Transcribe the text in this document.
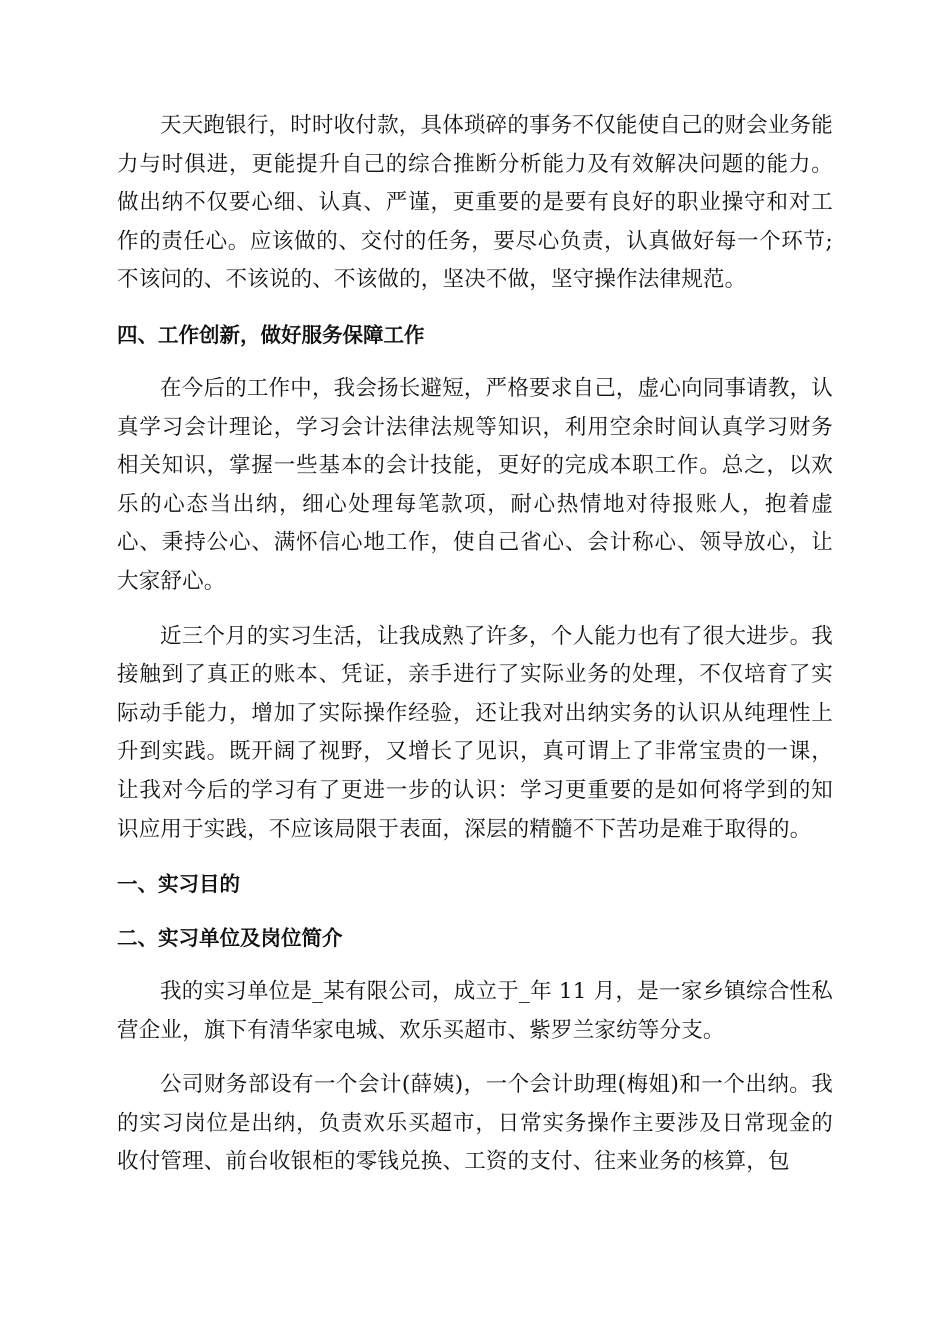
天天跑银行，时时收付款，具体琐碎的事务不仅能使自己的财会业务能力与时俱进，更能提升自己的综合推断分析能力及有效解决问题的能力。做出纳不仅要心细、认真、严谨，更重要的是要有良好的职业操守和对工作的责任心。应该做的、交付的任务，要尽心负责，认真做好每一个环节;不该问的、不该说的、不该做的，坚决不做，坚守操作法律规范。

四、工作创新，做好服务保障工作

在今后的工作中，我会扬长避短，严格要求自己，虚心向同事请教，认真学习会计理论，学习会计法律法规等知识，利用空余时间认真学习财务相关知识，掌握一些基本的会计技能，更好的完成本职工作。总之，以欢乐的心态当出纳，细心处理每笔款项，耐心热情地对待报账人，抱着虚心、秉持公心、满怀信心地工作，使自己省心、会计称心、领导放心，让大家舒心。

近三个月的实习生活，让我成熟了许多，个人能力也有了很大进步。我接触到了真正的账本、凭证，亲手进行了实际业务的处理，不仅培育了实际动手能力，增加了实际操作经验，还让我对出纳实务的认识从纯理性上升到实践。既开阔了视野，又增长了见识，真可谓上了非常宝贵的一课，让我对今后的学习有了更进一步的认识：学习更重要的是如何将学到的知识应用于实践，不应该局限于表面，深层的精髓不下苦功是难于取得的。

一、实习目的

二、实习单位及岗位简介

我的实习单位是_某有限公司，成立于_年 11 月，是一家乡镇综合性私营企业，旗下有清华家电城、欢乐买超市、紫罗兰家纺等分支。

公司财务部设有一个会计(薛姨)，一个会计助理(梅姐)和一个出纳。我的实习岗位是出纳，负责欢乐买超市，日常实务操作主要涉及日常现金的收付管理、前台收银柜的零钱兑换、工资的支付、往来业务的核算，包
